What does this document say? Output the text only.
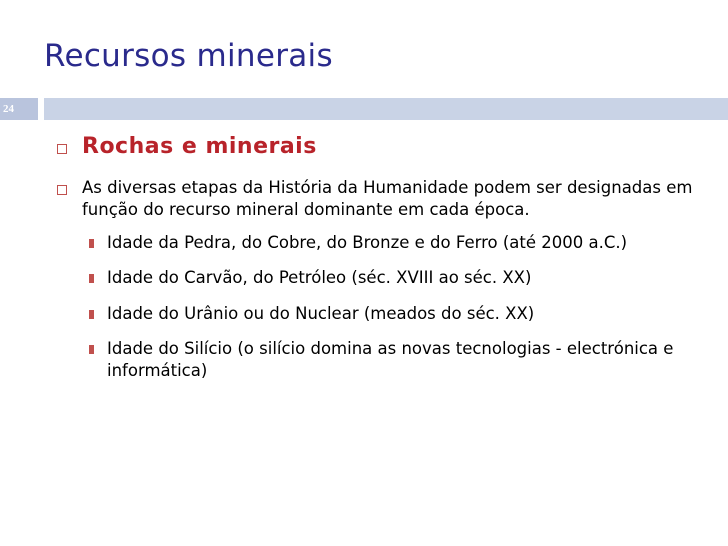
Recursos minerais
24
Rochas e minerais
As diversas etapas da História da Humanidade podem ser designadas em
função do recurso mineral dominante em cada época.
Idade da Pedra, do Cobre, do Bronze e do Ferro (até 2000 a.C.)
Idade do Carvão, do Petróleo (séc. XVIII ao séc. XX)
Idade do Urânio ou do Nuclear (meados do séc. XX)
Idade do Silício (o silício domina as novas tecnologias - electrónica e
informática)
